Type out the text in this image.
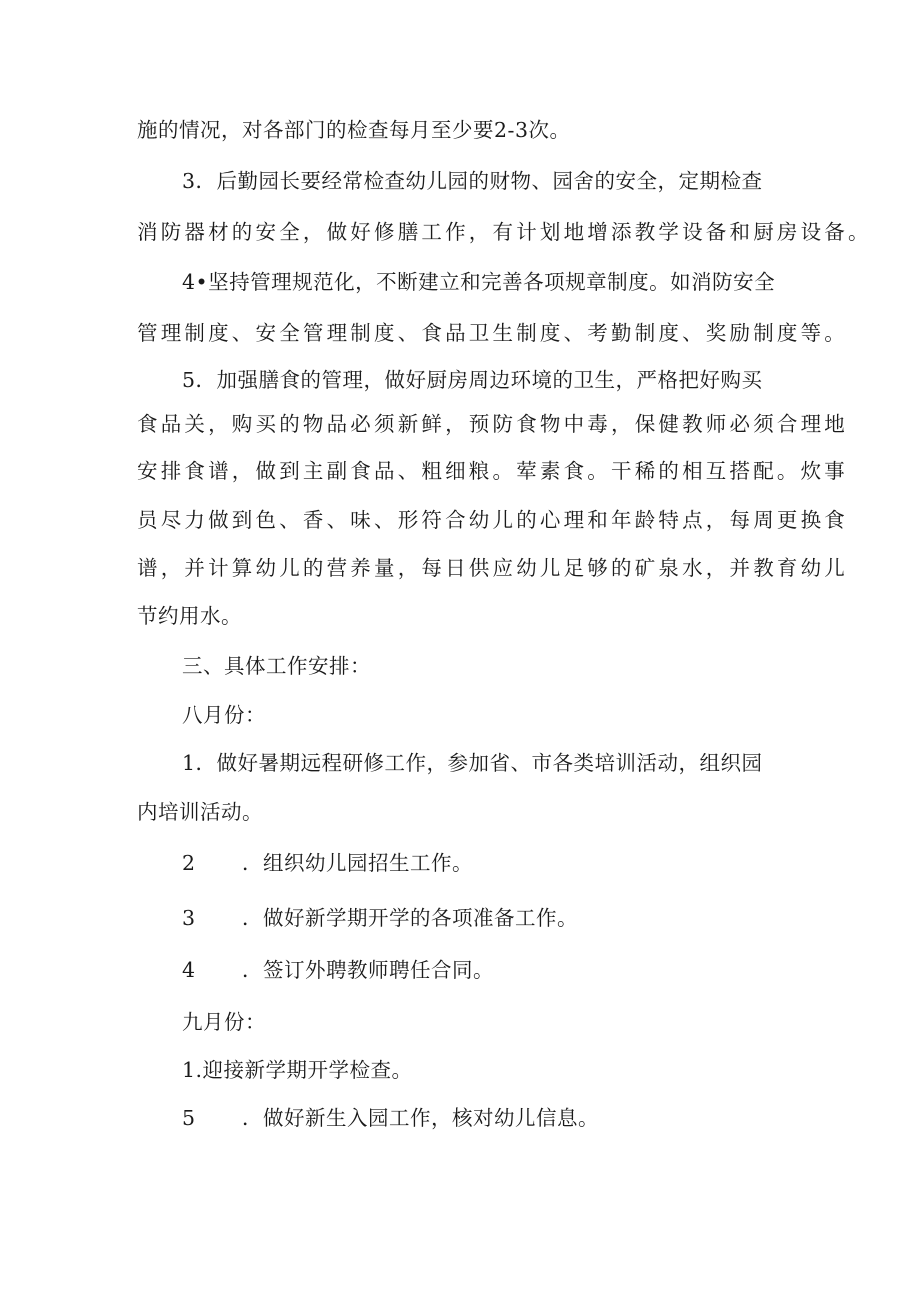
施的情况，对各部门的检查每月至少要2-3次。
3．后勤园长要经常检查幼儿园的财物、园舍的安全，定期检查
消防器材的安全，做好修膳工作，有计划地增添教学设备和厨房设备。
4•坚持管理规范化，不断建立和完善各项规章制度。如消防安全
管理制度、安全管理制度、食品卫生制度、考勤制度、奖励制度等。
5．加强膳食的管理，做好厨房周边环境的卫生，严格把好购买
食品关，购买的物品必须新鲜，预防食物中毒，保健教师必须合理地
安排食谱，做到主副食品、粗细粮。荤素食。干稀的相互搭配。炊事
员尽力做到色、香、味、形符合幼儿的心理和年龄特点，每周更换食
谱，并计算幼儿的营养量，每日供应幼儿足够的矿泉水，并教育幼儿
节约用水。
三、具体工作安排：
八月份：
1．做好暑期远程研修工作，参加省、市各类培训活动，组织园
内培训活动。
2 ．组织幼儿园招生工作。
3 ．做好新学期开学的各项准备工作。
4 ．签订外聘教师聘任合同。
九月份：
1.迎接新学期开学检查。
5 ．做好新生入园工作，核对幼儿信息。
